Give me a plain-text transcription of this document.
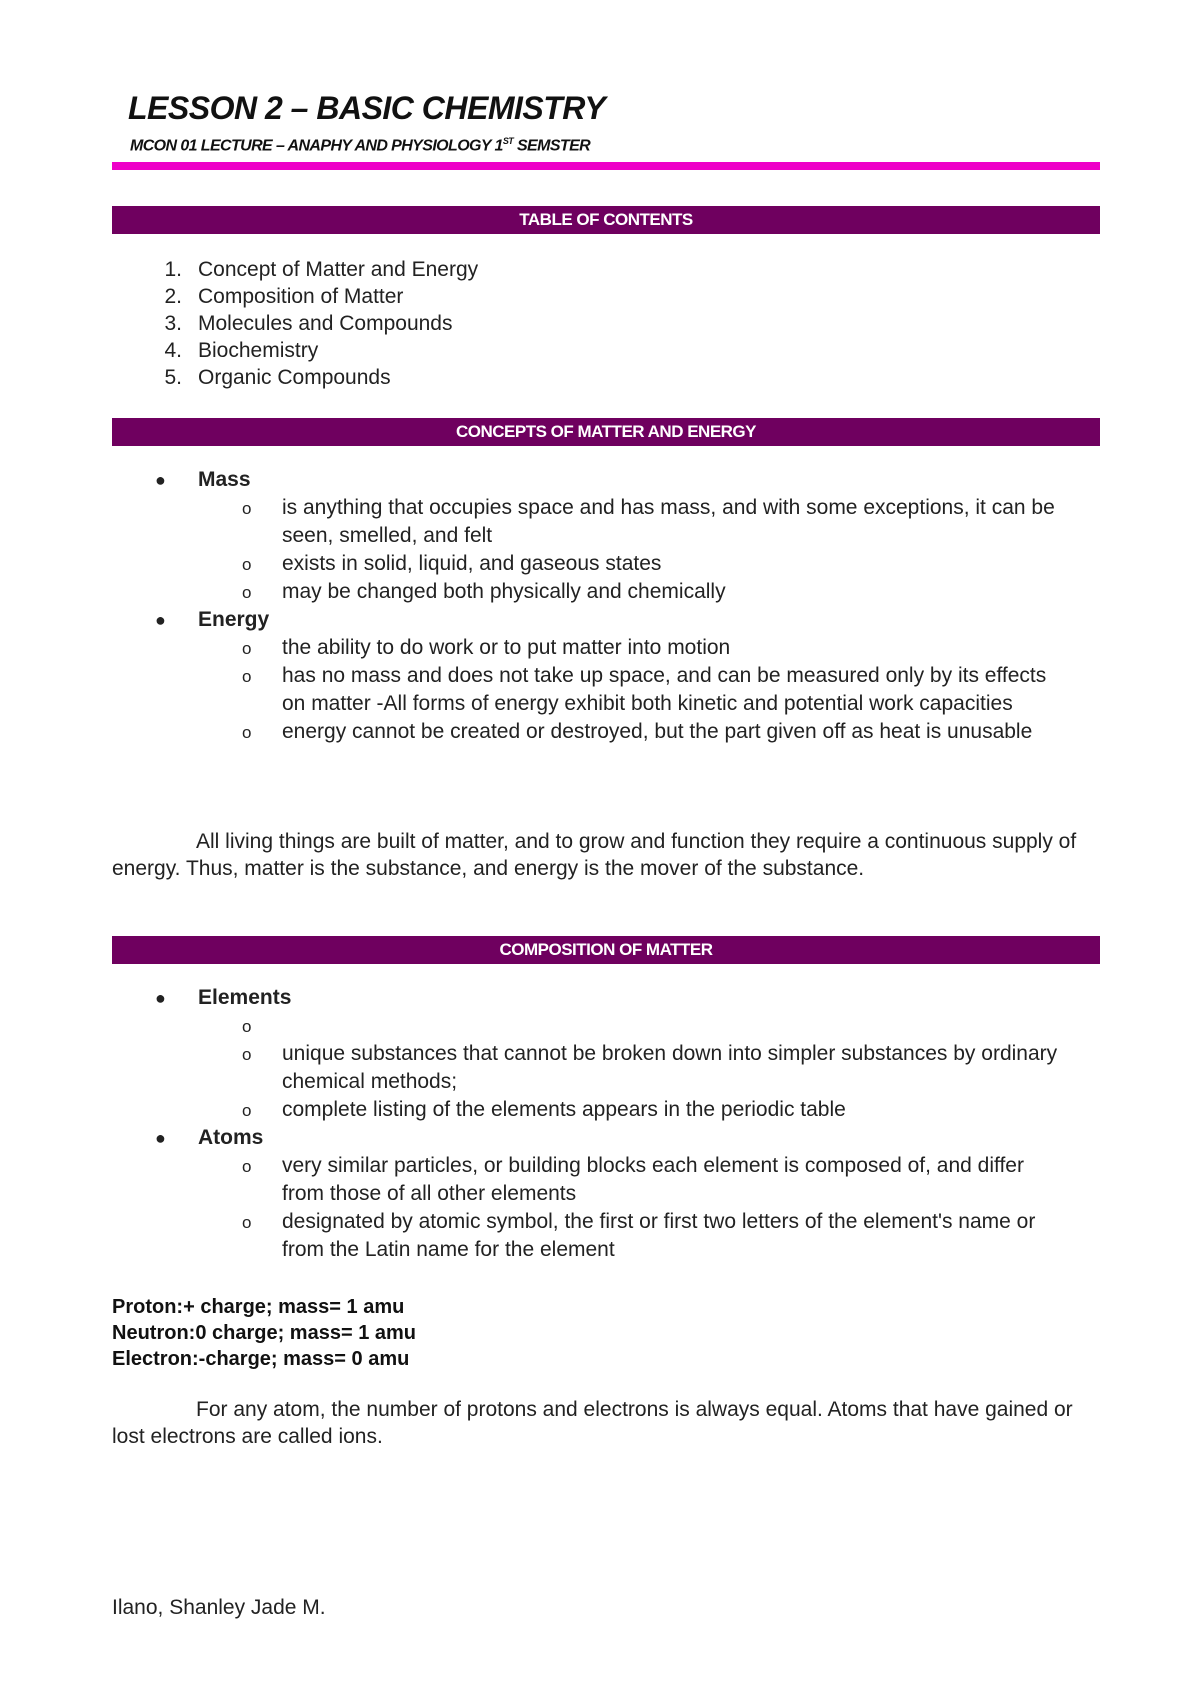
LESSON 2 – BASIC CHEMISTRY

MCON 01 LECTURE – ANAPHY AND PHYSIOLOGY 1ST SEMSTER

TABLE OF CONTENTS
1. Concept of Matter and Energy
2. Composition of Matter
3. Molecules and Compounds
4. Biochemistry
5. Organic Compounds
CONCEPTS OF MATTER AND ENERGY
● Mass
o is anything that occupies space and has mass, and with some exceptions, it can be seen, smelled, and felt
o exists in solid, liquid, and gaseous states
o may be changed both physically and chemically
● Energy
o the ability to do work or to put matter into motion
o has no mass and does not take up space, and can be measured only by its effects on matter -All forms of energy exhibit both kinetic and potential work capacities
o energy cannot be created or destroyed, but the part given off as heat is unusable

All living things are built of matter, and to grow and function they require a continuous supply of energy. Thus, matter is the substance, and energy is the mover of the substance.

COMPOSITION OF MATTER
● Elements
o
o unique substances that cannot be broken down into simpler substances by ordinary chemical methods;
o complete listing of the elements appears in the periodic table
● Atoms
o very similar particles, or building blocks each element is composed of, and differ from those of all other elements
o designated by atomic symbol, the first or first two letters of the element's name or from the Latin name for the element
Proton:+ charge; mass= 1 amu
Neutron:0 charge; mass= 1 amu
Electron:-charge; mass= 0 amu

For any atom, the number of protons and electrons is always equal. Atoms that have gained or lost electrons are called ions.

Ilano, Shanley Jade M.
